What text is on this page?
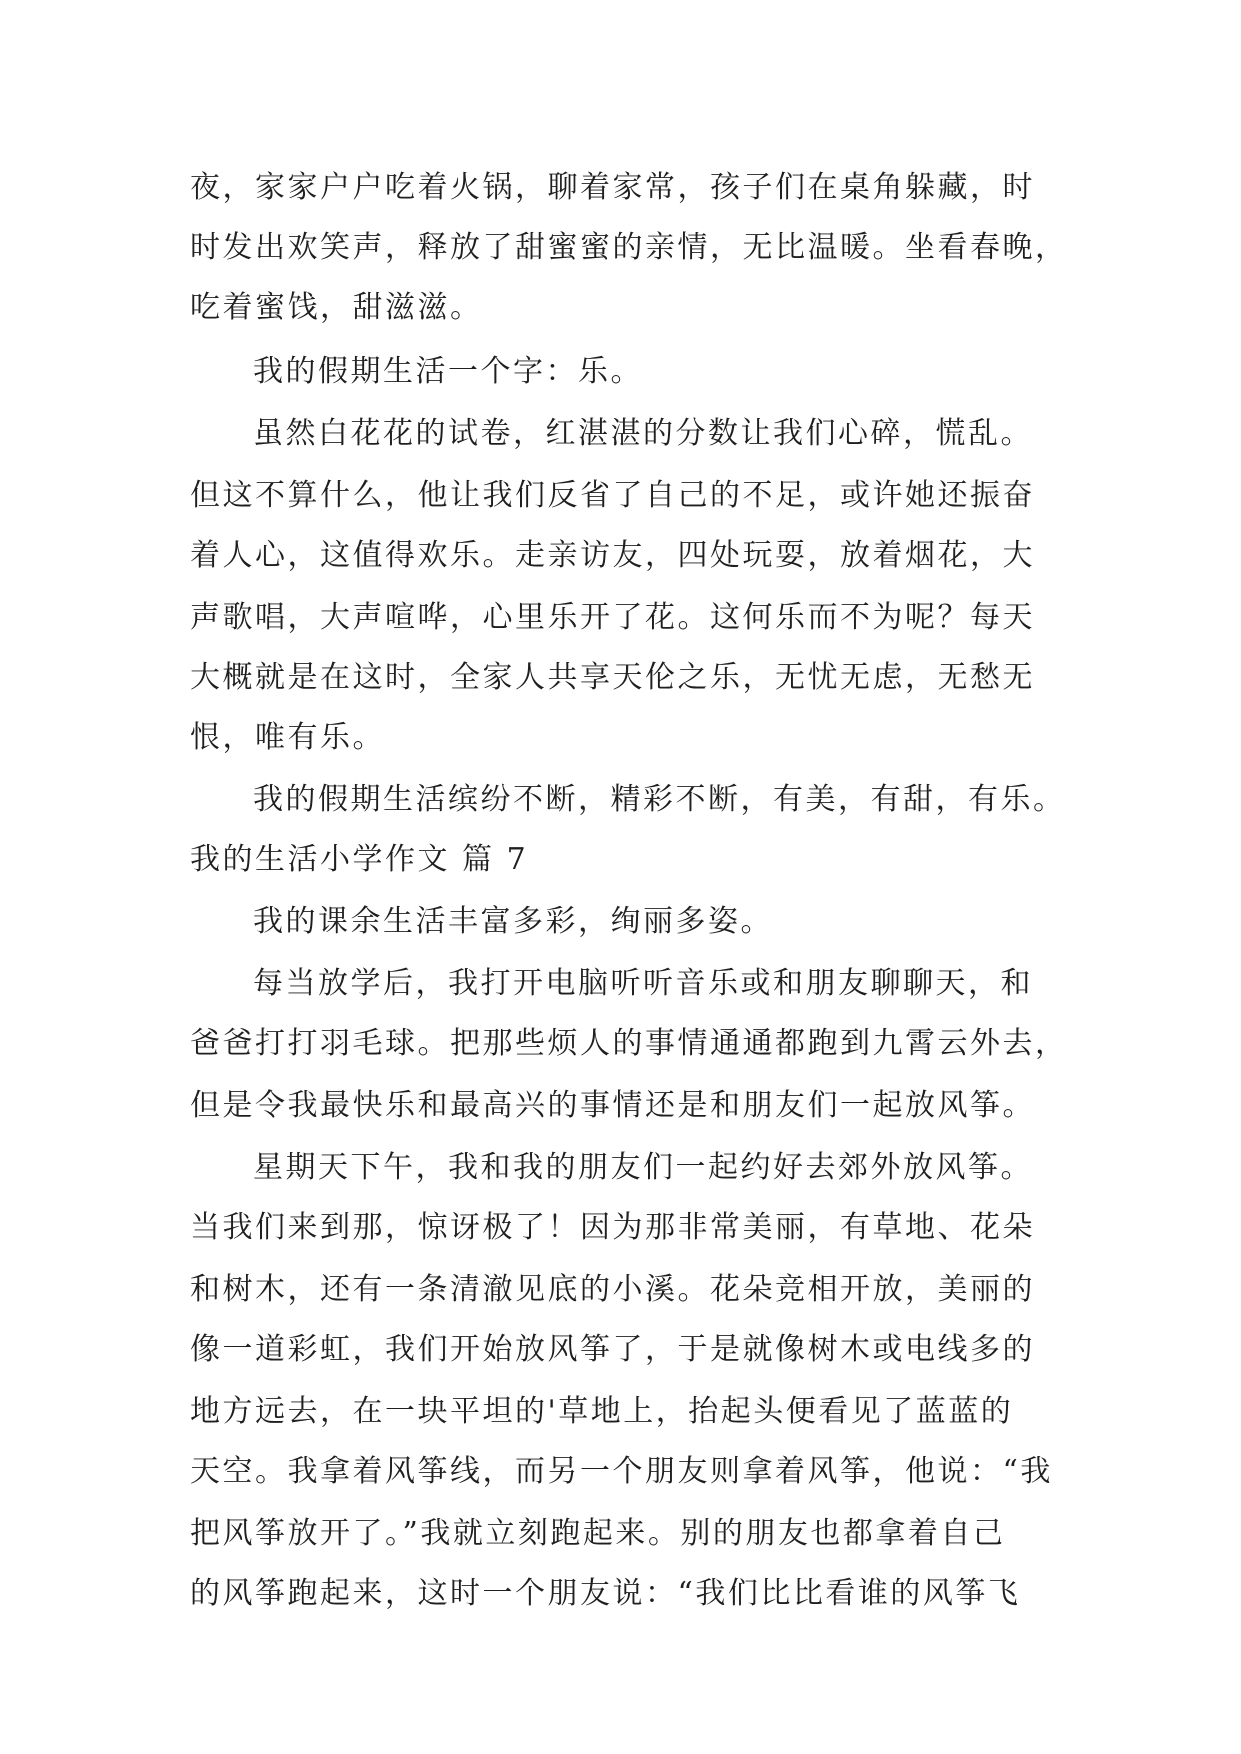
夜，家家户户吃着火锅，聊着家常，孩子们在桌角躲藏，时

时发出欢笑声，释放了甜蜜蜜的亲情，无比温暖。坐看春晚，

吃着蜜饯，甜滋滋。

我的假期生活一个字：乐。

虽然白花花的试卷，红湛湛的分数让我们心碎，慌乱。

但这不算什么，他让我们反省了自己的不足，或许她还振奋

着人心，这值得欢乐。走亲访友，四处玩耍，放着烟花，大

声歌唱，大声喧哗，心里乐开了花。这何乐而不为呢？每天

大概就是在这时，全家人共享天伦之乐，无忧无虑，无愁无

恨，唯有乐。

我的假期生活缤纷不断，精彩不断，有美，有甜，有乐。

我的生活小学作文 篇 7

我的课余生活丰富多彩，绚丽多姿。

每当放学后，我打开电脑听听音乐或和朋友聊聊天，和

爸爸打打羽毛球。把那些烦人的事情通通都跑到九霄云外去，

但是令我最快乐和最高兴的事情还是和朋友们一起放风筝。

星期天下午，我和我的朋友们一起约好去郊外放风筝。

当我们来到那，惊讶极了！因为那非常美丽，有草地、花朵

和树木，还有一条清澈见底的小溪。花朵竞相开放，美丽的

像一道彩虹，我们开始放风筝了，于是就像树木或电线多的

地方远去，在一块平坦的'草地上，抬起头便看见了蓝蓝的

天空。我拿着风筝线，而另一个朋友则拿着风筝，他说：“我

把风筝放开了。”我就立刻跑起来。别的朋友也都拿着自己

的风筝跑起来，这时一个朋友说：“我们比比看谁的风筝飞
